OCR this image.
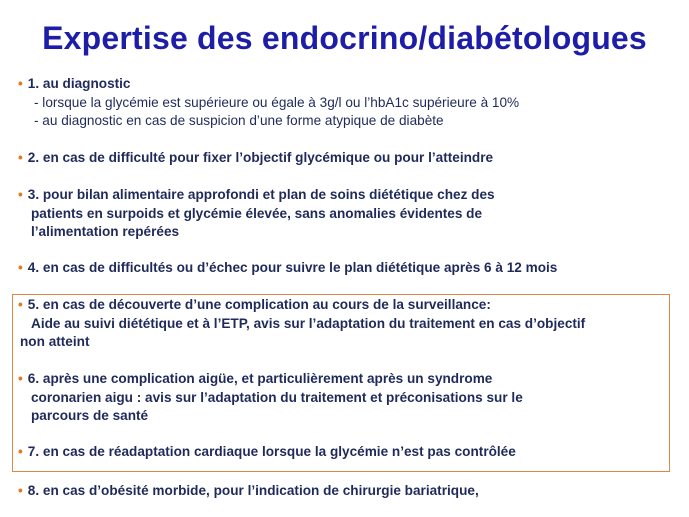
Expertise des endocrino/diabétologues
• 1. au diagnostic
- lorsque la glycémie est supérieure ou égale à 3g/l ou l’hbA1c supérieure à 10%
- au diagnostic en cas de suspicion d’une forme atypique de diabète
• 2. en cas de difficulté pour fixer l’objectif glycémique ou pour l’atteindre
• 3. pour bilan alimentaire approfondi et plan de soins diététique chez des
patients en surpoids et glycémie élevée, sans anomalies évidentes de
l’alimentation repérées
• 4. en cas de difficultés ou d’échec pour suivre le plan diététique après 6 à 12 mois
• 5. en cas de découverte d’une complication au cours de la surveillance:
Aide au suivi diététique et à l’ETP, avis sur l’adaptation du traitement en cas d’objectif
non atteint
• 6. après une complication aigüe, et particulièrement après un syndrome
coronarien aigu : avis sur l’adaptation du traitement et préconisations sur le
parcours de santé
• 7. en cas de réadaptation cardiaque lorsque la glycémie n’est pas contrôlée
• 8. en cas d’obésité morbide, pour l’indication de chirurgie bariatrique,
